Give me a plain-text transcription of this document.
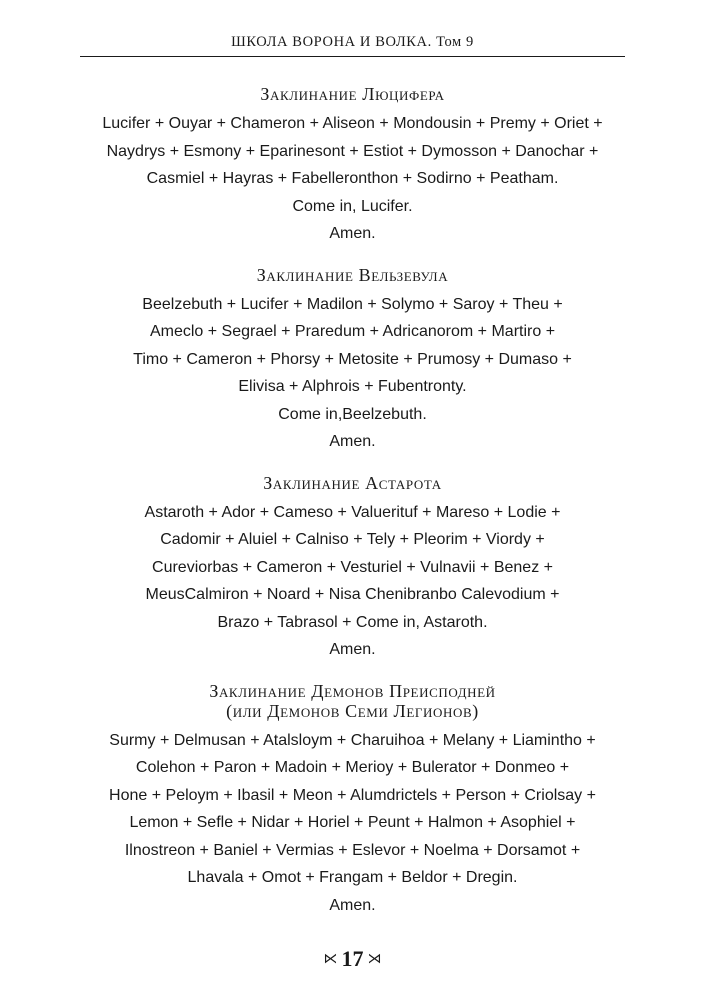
ШКОЛА ВОРОНА И ВОЛКА. Том 9
Заклинание Люцифера
Lucifer + Ouyar + Chameron + Aliseon + Mondousin + Premy + Oriet +
Naydrys + Esmony + Eparinesont + Estiot + Dymosson + Danochar +
Casmiel + Hayras + Fabelleronthon + Sodirno + Peatham.
Come in, Lucifer.
Amen.
Заклинание Вельзевула
Beelzebuth + Lucifer + Madilon + Solymo + Saroy + Theu +
Ameclo + Segrael + Praredum + Adricanorom + Martiro +
Timo + Cameron + Phorsy + Metosite + Prumosy + Dumaso +
Elivisa + Alphrois + Fubentronty.
Come in,Beelzebuth.
Amen.
Заклинание Астарота
Astaroth + Ador + Cameso + Valuerituf + Mareso + Lodie +
Cadomir + Aluiel + Calniso + Tely + Pleorim + Viordy +
Cureviorbas + Cameron + Vesturiel + Vulnavii + Benez +
MeusCalmiron + Noard + Nisa Chenibranbo Calevodium +
Brazo + Tabrasol + Come in, Astaroth.
Amen.
Заклинание Демонов Преисподней
(или Демонов Семи Легионов)
Surmy + Delmusan + Atalsloym + Charuihoa + Melany + Liamintho +
Colehon + Paron + Madoin + Merioy + Bulerator + Donmeo +
Hone + Peloym + Ibasil + Meon + Alumdrictels + Person + Criolsay +
Lemon + Sefle + Nidar + Horiel + Peunt + Halmon + Asophiel +
Ilnostreon + Baniel + Vermias + Eslevor + Noelma + Dorsamot +
Lhavala + Omot + Frangam + Beldor + Dregin.
Amen.
⋉ 17 ⋊
